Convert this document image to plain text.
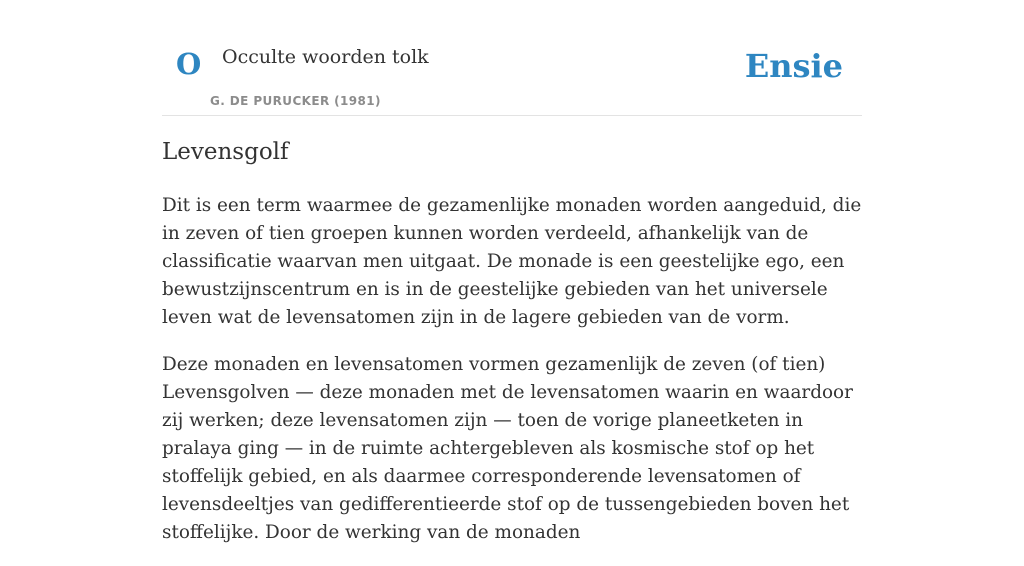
O Occulte woorden tolk
G. DE PURUCKER (1981)
Ensie
Levensgolf

Dit is een term waarmee de gezamenlijke monaden worden aangeduid, die in zeven of tien groepen kunnen worden verdeeld, afhankelijk van de classificatie waarvan men uitgaat. De monade is een geestelijke ego, een bewustzijnscentrum en is in de geestelijke gebieden van het universele leven wat de levensatomen zijn in de lagere gebieden van de vorm.

Deze monaden en levensatomen vormen gezamenlijk de zeven (of tien) Levensgolven — deze monaden met de levensatomen waarin en waardoor zij werken; deze levensatomen zijn — toen de vorige planeetketen in pralaya ging — in de ruimte achtergebleven als kosmische stof op het stoffelijk gebied, en als daarmee corresponderende levensatomen of levensdeeltjes van gedifferentieerde stof op de tussengebieden boven het stoffelijke. Door de werking van de monaden
